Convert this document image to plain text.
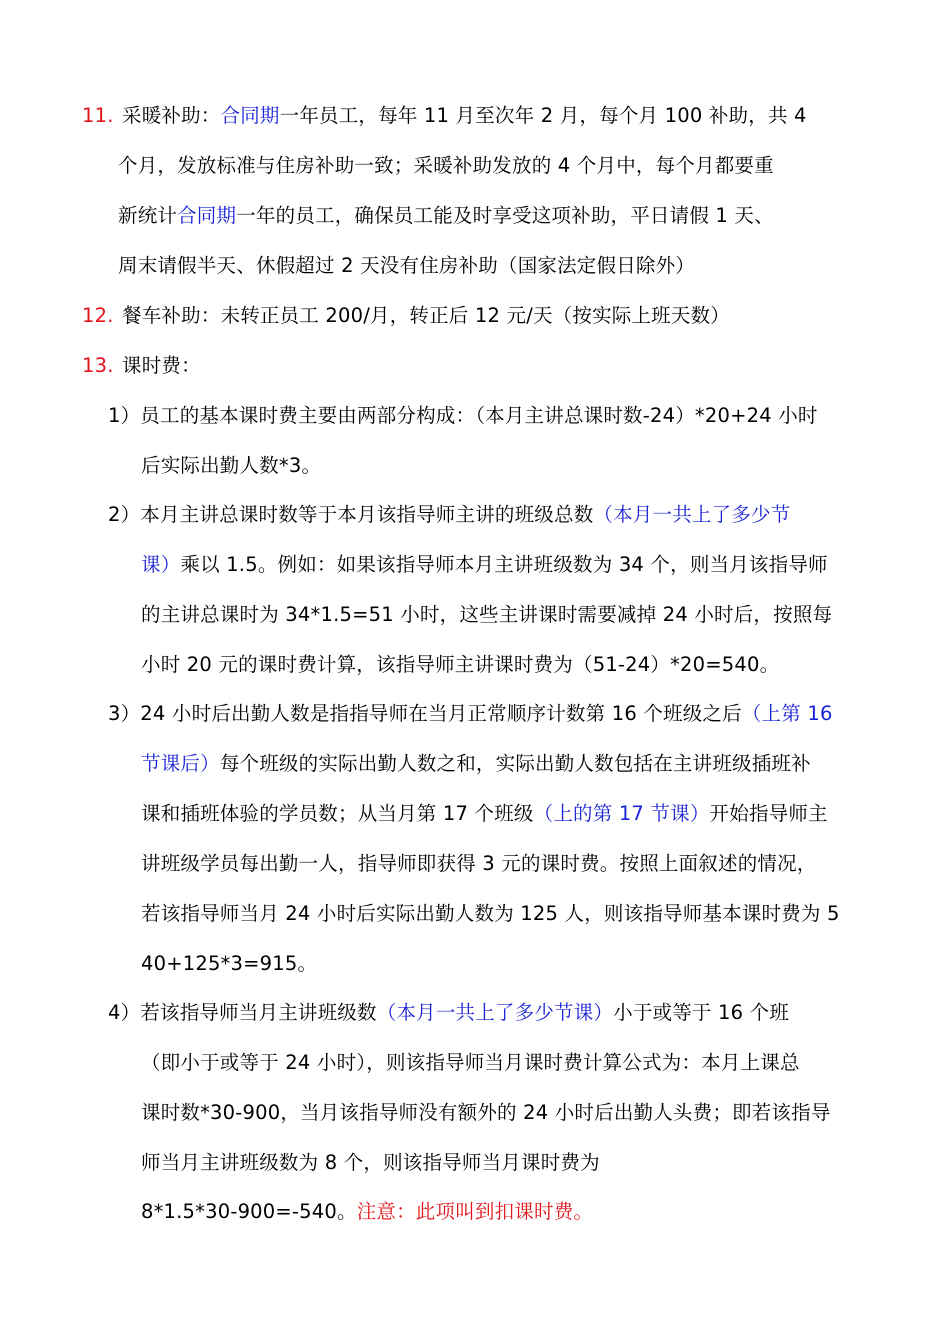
11. 采暖补助：合同期一年员工，每年 11 月至次年 2 月，每个月 100 补助，共 4
个月，发放标准与住房补助一致；采暖补助发放的 4 个月中，每个月都要重
新统计合同期一年的员工，确保员工能及时享受这项补助，平日请假 1 天、
周末请假半天、休假超过 2 天没有住房补助（国家法定假日除外）
12. 餐车补助：未转正员工 200/月，转正后 12 元/天（按实际上班天数）
13. 课时费：
1）员工的基本课时费主要由两部分构成：（本月主讲总课时数-24）*20+24 小时
后实际出勤人数*3。
2）本月主讲总课时数等于本月该指导师主讲的班级总数（本月一共上了多少节
课）乘以 1.5。例如：如果该指导师本月主讲班级数为 34 个，则当月该指导师
的主讲总课时为 34*1.5=51 小时，这些主讲课时需要减掉 24 小时后，按照每
小时 20 元的课时费计算，该指导师主讲课时费为（51-24）*20=540。
3）24 小时后出勤人数是指指导师在当月正常顺序计数第 16 个班级之后（上第 16
节课后）每个班级的实际出勤人数之和，实际出勤人数包括在主讲班级插班补
课和插班体验的学员数；从当月第 17 个班级（上的第 17 节课）开始指导师主
讲班级学员每出勤一人，指导师即获得 3 元的课时费。按照上面叙述的情况，
若该指导师当月 24 小时后实际出勤人数为 125 人，则该指导师基本课时费为 5
40+125*3=915。
4）若该指导师当月主讲班级数（本月一共上了多少节课）小于或等于 16 个班
（即小于或等于 24 小时），则该指导师当月课时费计算公式为：本月上课总
课时数*30-900，当月该指导师没有额外的 24 小时后出勤人头费；即若该指导
师当月主讲班级数为 8 个，则该指导师当月课时费为
8*1.5*30-900=-540。注意：此项叫到扣课时费。
